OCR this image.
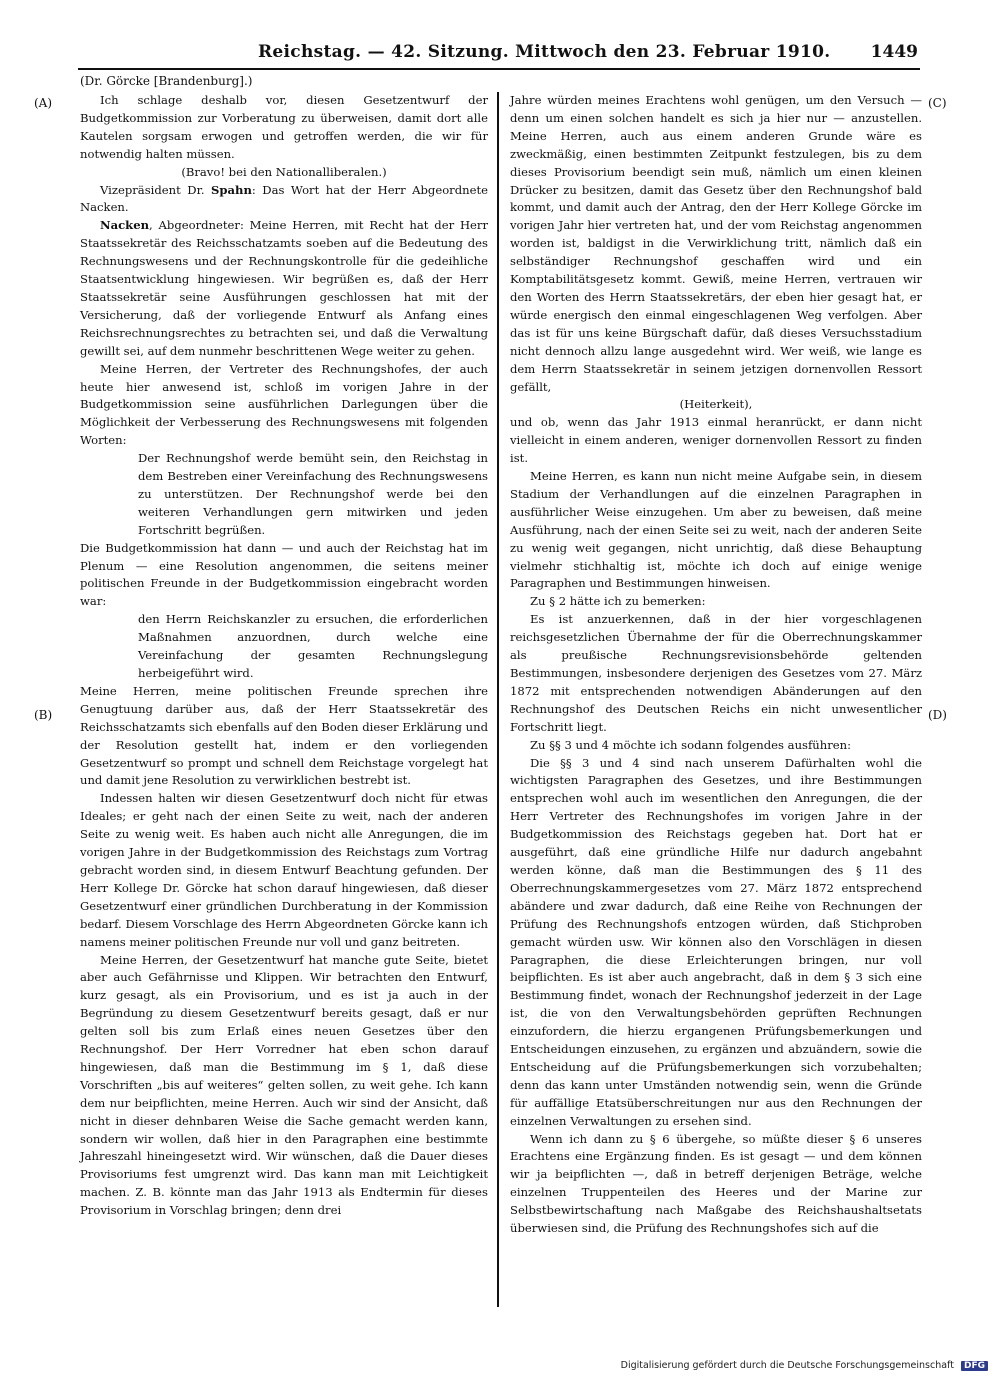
Reichstag. — 42. Sitzung. Mittwoch den 23. Februar 1910. 1449
(Dr. Görcke [Brandenburg].)
(A)
(B)
(C)
(D)

Ich schlage deshalb vor, diesen Gesetzentwurf der Budgetkommission zur Vorberatung zu überweisen, damit dort alle Kautelen sorgsam erwogen und getroffen werden, die wir für notwendig halten müssen.

(Bravo! bei den Nationalliberalen.)

Vizepräsident Dr. Spahn: Das Wort hat der Herr Abgeordnete Nacken.

Nacken, Abgeordneter: Meine Herren, mit Recht hat der Herr Staatssekretär des Reichsschatzamts soeben auf die Bedeutung des Rechnungswesens und der Rechnungskontrolle für die gedeihliche Staatsentwicklung hingewiesen. Wir begrüßen es, daß der Herr Staatssekretär seine Ausführungen geschlossen hat mit der Versicherung, daß der vorliegende Entwurf als Anfang eines Reichsrechnungsrechtes zu betrachten sei, und daß die Verwaltung gewillt sei, auf dem nunmehr beschrittenen Wege weiter zu gehen.

Meine Herren, der Vertreter des Rechnungshofes, der auch heute hier anwesend ist, schloß im vorigen Jahre in der Budgetkommission seine ausführlichen Darlegungen über die Möglichkeit der Verbesserung des Rechnungswesens mit folgenden Worten:

Der Rechnungshof werde bemüht sein, den Reichstag in dem Bestreben einer Vereinfachung des Rechnungswesens zu unterstützen. Der Rechnungshof werde bei den weiteren Verhandlungen gern mitwirken und jeden Fortschritt begrüßen.

Die Budgetkommission hat dann — und auch der Reichstag hat im Plenum — eine Resolution angenommen, die seitens meiner politischen Freunde in der Budgetkommission eingebracht worden war:

den Herrn Reichskanzler zu ersuchen, die erforderlichen Maßnahmen anzuordnen, durch welche eine Vereinfachung der gesamten Rechnungslegung herbeigeführt wird.

Meine Herren, meine politischen Freunde sprechen ihre Genugtuung darüber aus, daß der Herr Staatssekretär des Reichsschatzamts sich ebenfalls auf den Boden dieser Erklärung und der Resolution gestellt hat, indem er den vorliegenden Gesetzentwurf so prompt und schnell dem Reichstage vorgelegt hat und damit jene Resolution zu verwirklichen bestrebt ist.

Indessen halten wir diesen Gesetzentwurf doch nicht für etwas Ideales; er geht nach der einen Seite zu weit, nach der anderen Seite zu wenig weit. Es haben auch nicht alle Anregungen, die im vorigen Jahre in der Budgetkommission des Reichstags zum Vortrag gebracht worden sind, in diesem Entwurf Beachtung gefunden. Der Herr Kollege Dr. Görcke hat schon darauf hingewiesen, daß dieser Gesetzentwurf einer gründlichen Durchberatung in der Kommission bedarf. Diesem Vorschlage des Herrn Abgeordneten Görcke kann ich namens meiner politischen Freunde nur voll und ganz beitreten.

Meine Herren, der Gesetzentwurf hat manche gute Seite, bietet aber auch Gefährnisse und Klippen. Wir betrachten den Entwurf, kurz gesagt, als ein Provisorium, und es ist ja auch in der Begründung zu diesem Gesetzentwurf bereits gesagt, daß er nur gelten soll bis zum Erlaß eines neuen Gesetzes über den Rechnungshof. Der Herr Vorredner hat eben schon darauf hingewiesen, daß man die Bestimmung im § 1, daß diese Vorschriften „bis auf weiteres“ gelten sollen, zu weit gehe. Ich kann dem nur beipflichten, meine Herren. Auch wir sind der Ansicht, daß nicht in dieser dehnbaren Weise die Sache gemacht werden kann, sondern wir wollen, daß hier in den Paragraphen eine bestimmte Jahreszahl hineingesetzt wird. Wir wünschen, daß die Dauer dieses Provisoriums fest umgrenzt wird. Das kann man mit Leichtigkeit machen. Z. B. könnte man das Jahr 1913 als Endtermin für dieses Provisorium in Vorschlag bringen; denn drei

Jahre würden meines Erachtens wohl genügen, um den Versuch — denn um einen solchen handelt es sich ja hier nur — anzustellen. Meine Herren, auch aus einem anderen Grunde wäre es zweckmäßig, einen bestimmten Zeitpunkt festzulegen, bis zu dem dieses Provisorium beendigt sein muß, nämlich um einen kleinen Drücker zu besitzen, damit das Gesetz über den Rechnungshof bald kommt, und damit auch der Antrag, den der Herr Kollege Görcke im vorigen Jahr hier vertreten hat, und der vom Reichstag angenommen worden ist, baldigst in die Verwirklichung tritt, nämlich daß ein selbständiger Rechnungshof geschaffen wird und ein Komptabilitätsgesetz kommt. Gewiß, meine Herren, vertrauen wir den Worten des Herrn Staatssekretärs, der eben hier gesagt hat, er würde energisch den einmal eingeschlagenen Weg verfolgen. Aber das ist für uns keine Bürgschaft dafür, daß dieses Versuchsstadium nicht dennoch allzu lange ausgedehnt wird. Wer weiß, wie lange es dem Herrn Staatssekretär in seinem jetzigen dornenvollen Ressort gefällt,

(Heiterkeit),

und ob, wenn das Jahr 1913 einmal heranrückt, er dann nicht vielleicht in einem anderen, weniger dornenvollen Ressort zu finden ist.

Meine Herren, es kann nun nicht meine Aufgabe sein, in diesem Stadium der Verhandlungen auf die einzelnen Paragraphen in ausführlicher Weise einzugehen. Um aber zu beweisen, daß meine Ausführung, nach der einen Seite sei zu weit, nach der anderen Seite zu wenig weit gegangen, nicht unrichtig, daß diese Behauptung vielmehr stichhaltig ist, möchte ich doch auf einige wenige Paragraphen und Bestimmungen hinweisen.

Zu § 2 hätte ich zu bemerken:

Es ist anzuerkennen, daß in der hier vorgeschlagenen reichsgesetzlichen Übernahme der für die Oberrechnungskammer als preußische Rechnungsrevisionsbehörde geltenden Bestimmungen, insbesondere derjenigen des Gesetzes vom 27. März 1872 mit entsprechenden notwendigen Abänderungen auf den Rechnungshof des Deutschen Reichs ein nicht unwesentlicher Fortschritt liegt.

Zu §§ 3 und 4 möchte ich sodann folgendes ausführen:

Die §§ 3 und 4 sind nach unserem Dafürhalten wohl die wichtigsten Paragraphen des Gesetzes, und ihre Bestimmungen entsprechen wohl auch im wesentlichen den Anregungen, die der Herr Vertreter des Rechnungshofes im vorigen Jahre in der Budgetkommission des Reichstags gegeben hat. Dort hat er ausgeführt, daß eine gründliche Hilfe nur dadurch angebahnt werden könne, daß man die Bestimmungen des § 11 des Oberrechnungskammergesetzes vom 27. März 1872 entsprechend abändere und zwar dadurch, daß eine Reihe von Rechnungen der Prüfung des Rechnungshofs entzogen würden, daß Stichproben gemacht würden usw. Wir können also den Vorschlägen in diesen Paragraphen, die diese Erleichterungen bringen, nur voll beipflichten. Es ist aber auch angebracht, daß in dem § 3 sich eine Bestimmung findet, wonach der Rechnungshof jederzeit in der Lage ist, die von den Verwaltungsbehörden geprüften Rechnungen einzufordern, die hierzu ergangenen Prüfungsbemerkungen und Entscheidungen einzusehen, zu ergänzen und abzuändern, sowie die Entscheidung auf die Prüfungsbemerkungen sich vorzubehalten; denn das kann unter Umständen notwendig sein, wenn die Gründe für auffällige Etatsüberschreitungen nur aus den Rechnungen der einzelnen Verwaltungen zu ersehen sind.

Wenn ich dann zu § 6 übergehe, so müßte dieser § 6 unseres Erachtens eine Ergänzung finden. Es ist gesagt — und dem können wir ja beipflichten —, daß in betreff derjenigen Beträge, welche einzelnen Truppenteilen des Heeres und der Marine zur Selbstbewirtschaftung nach Maßgabe des Reichshaushaltsetats überwiesen sind, die Prüfung des Rechnungshofes sich auf die

Digitalisierung gefördert durch die Deutsche Forschungsgemeinschaft DFG
